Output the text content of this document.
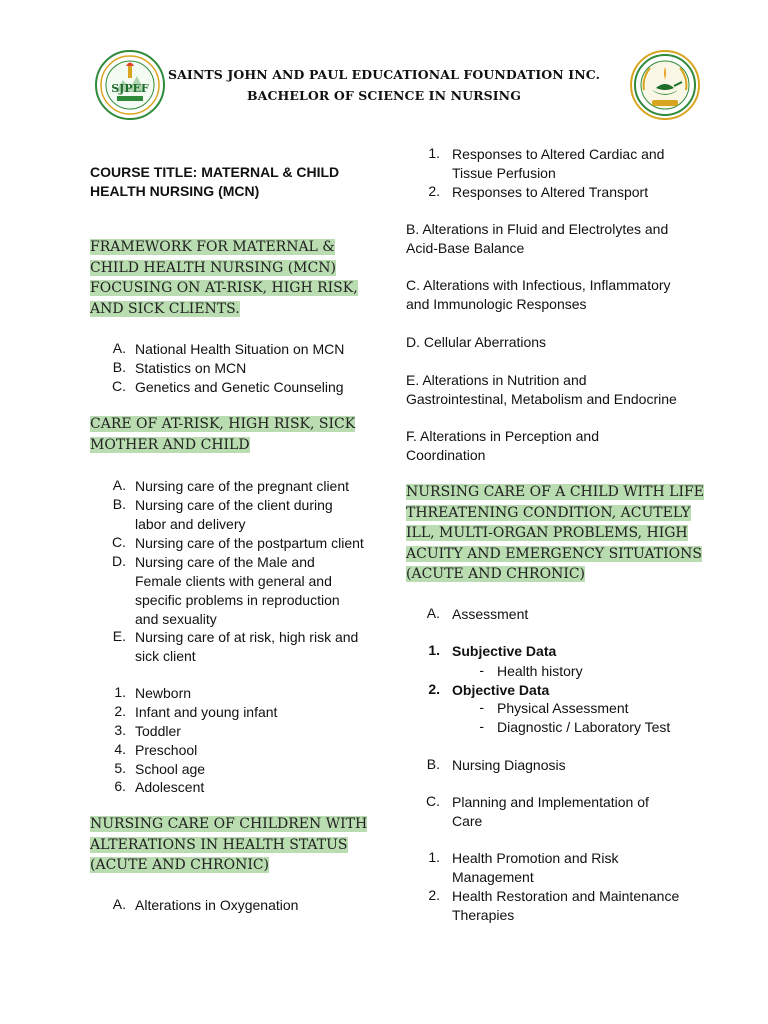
SJPEF
SAINTS JOHN AND PAUL EDUCATIONAL FOUNDATION INC.
BACHELOR OF SCIENCE IN NURSING
COURSE TITLE: MATERNAL & CHILD
HEALTH NURSING (MCN)
FRAMEWORK FOR MATERNAL &
CHILD HEALTH NURSING (MCN)
FOCUSING ON AT-RISK, HIGH RISK,
AND SICK CLIENTS.
A. National Health Situation on MCN
B. Statistics on MCN
C. Genetics and Genetic Counseling
CARE OF AT-RISK, HIGH RISK, SICK
MOTHER AND CHILD
A. Nursing care of the pregnant client
B. Nursing care of the client during
labor and delivery
C. Nursing care of the postpartum client
D. Nursing care of the Male and
Female clients with general and
specific problems in reproduction
and sexuality
E. Nursing care of at risk, high risk and
sick client
1. Newborn
2. Infant and young infant
3. Toddler
4. Preschool
5. School age
6. Adolescent
NURSING CARE OF CHILDREN WITH
ALTERATIONS IN HEALTH STATUS
(ACUTE AND CHRONIC)
A. Alterations in Oxygenation
1. Responses to Altered Cardiac and
Tissue Perfusion
2. Responses to Altered Transport
B. Alterations in Fluid and Electrolytes and
Acid-Base Balance
C. Alterations with Infectious, Inflammatory
and Immunologic Responses
D. Cellular Aberrations
E. Alterations in Nutrition and
Gastrointestinal, Metabolism and Endocrine
F. Alterations in Perception and
Coordination
NURSING CARE OF A CHILD WITH LIFE
THREATENING CONDITION, ACUTELY
ILL, MULTI-ORGAN PROBLEMS, HIGH
ACUITY AND EMERGENCY SITUATIONS
(ACUTE AND CHRONIC)
A. Assessment
1. Subjective Data
- Health history
2. Objective Data
- Physical Assessment
- Diagnostic / Laboratory Test
B. Nursing Diagnosis
C. Planning and Implementation of
Care
1. Health Promotion and Risk
Management
2. Health Restoration and Maintenance
Therapies
